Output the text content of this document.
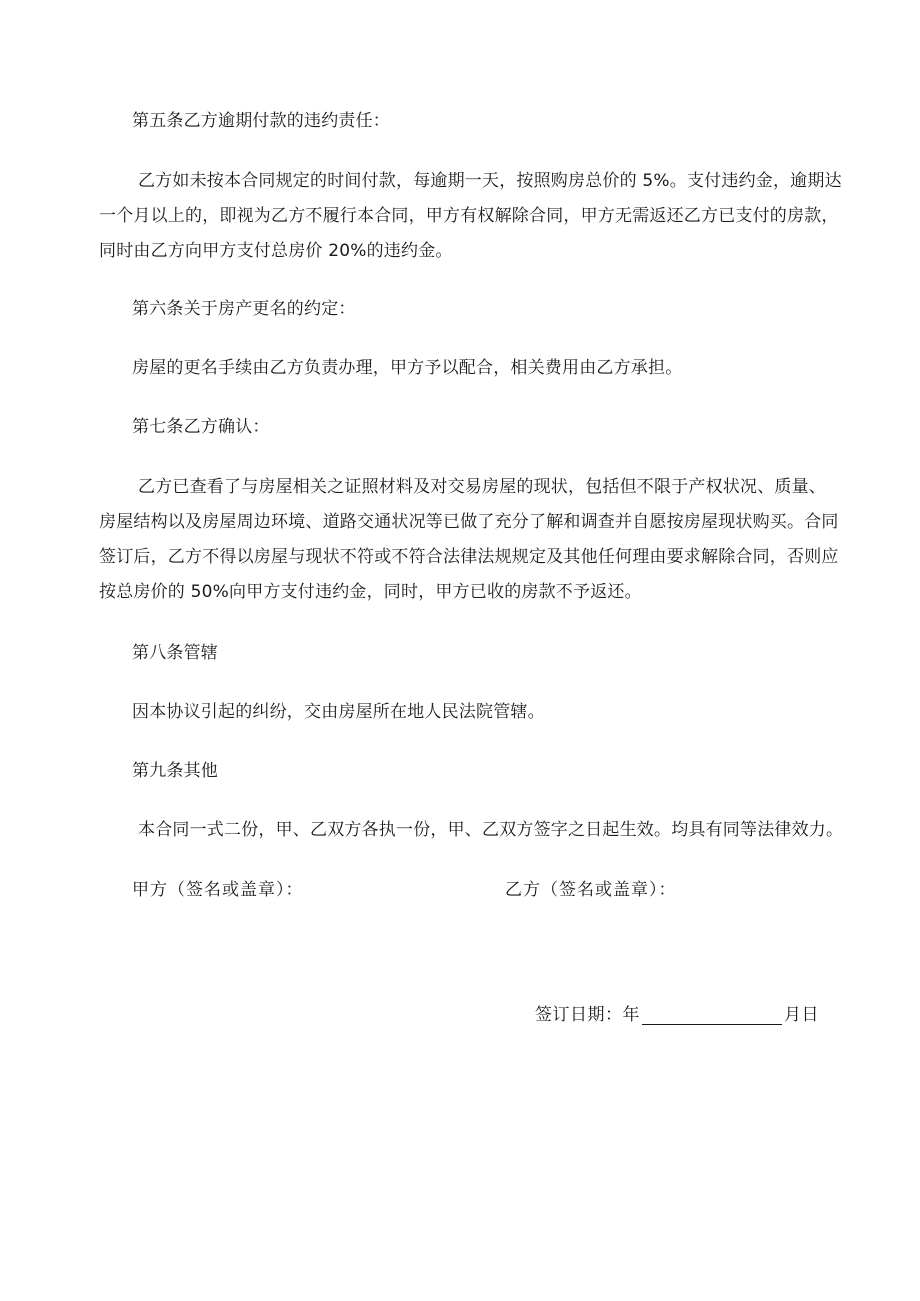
第五条乙方逾期付款的违约责任：
乙方如未按本合同规定的时间付款，每逾期一天，按照购房总价的 5%。支付违约金，逾期达
一个月以上的，即视为乙方不履行本合同，甲方有权解除合同，甲方无需返还乙方已支付的房款，
同时由乙方向甲方支付总房价 20%的违约金。
第六条关于房产更名的约定：
房屋的更名手续由乙方负责办理，甲方予以配合，相关费用由乙方承担。
第七条乙方确认：
乙方已查看了与房屋相关之证照材料及对交易房屋的现状，包括但不限于产权状况、质量、
房屋结构以及房屋周边环境、道路交通状况等已做了充分了解和调查并自愿按房屋现状购买。合同
签订后，乙方不得以房屋与现状不符或不符合法律法规规定及其他任何理由要求解除合同，否则应
按总房价的 50%向甲方支付违约金，同时，甲方已收的房款不予返还。
第八条管辖
因本协议引起的纠纷，交由房屋所在地人民法院管辖。
第九条其他
本合同一式二份，甲、乙双方各执一份，甲、乙双方签字之日起生效。均具有同等法律效力。
甲方（签名或盖章）：	乙方（签名或盖章）：
签订日期：年	月日
